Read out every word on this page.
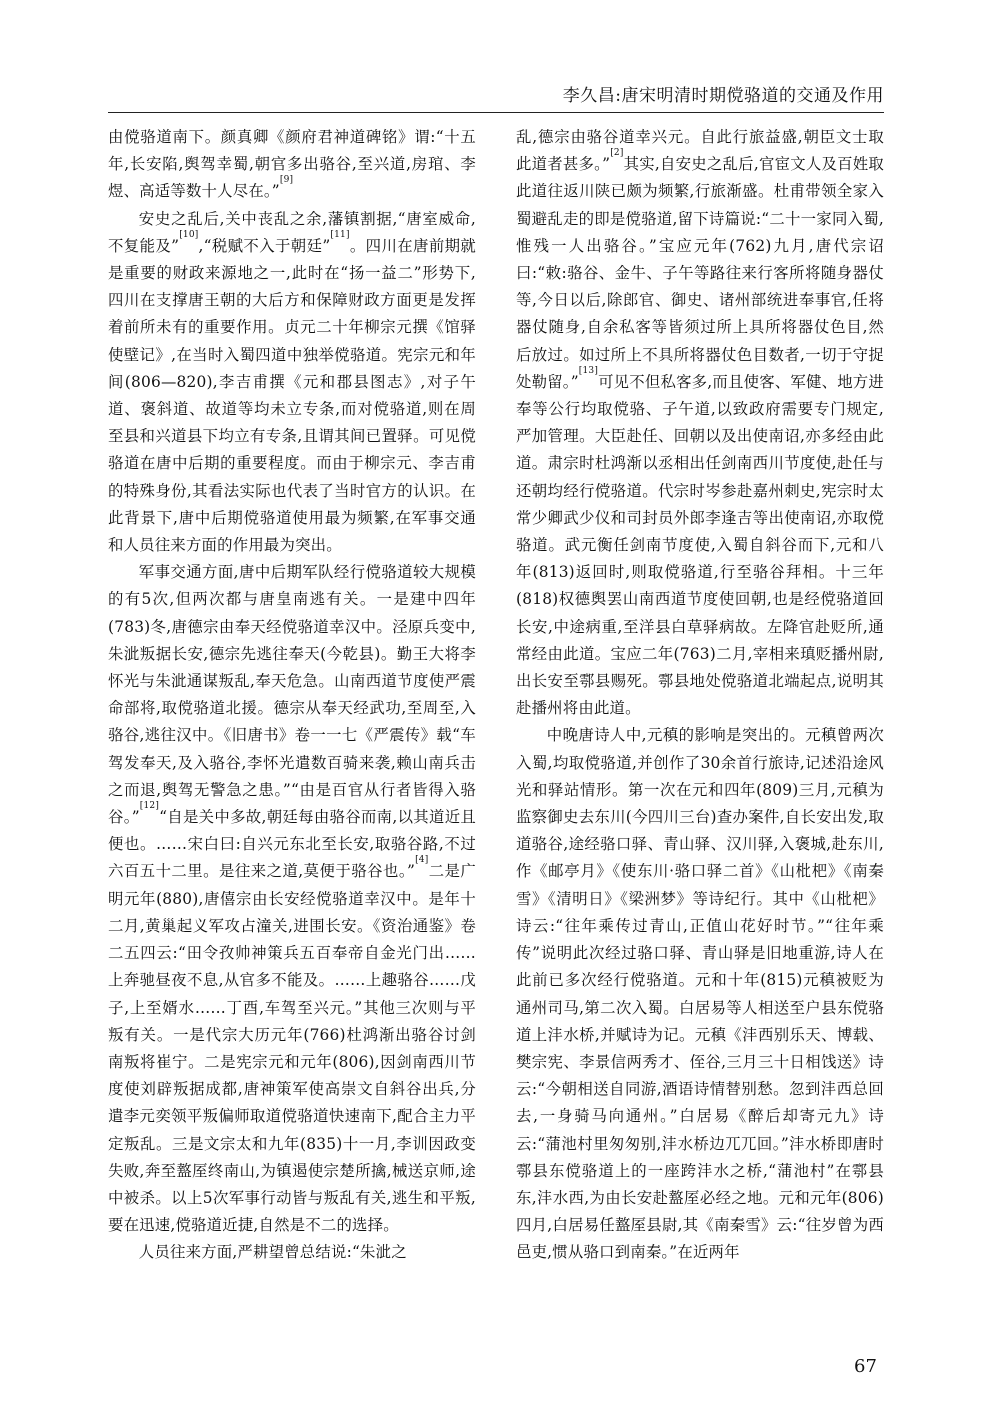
李久昌:唐宋明清时期傥骆道的交通及作用

由傥骆道南下。颜真卿《颜府君神道碑铭》谓:“十五年,长安陷,舆驾幸蜀,朝官多出骆谷,至兴道,房琯、李煜、高适等数十人尽在。”[9]

安史之乱后,关中丧乱之余,藩镇割据,“唐室威命,不复能及”[10],“税赋不入于朝廷”[11]。四川在唐前期就是重要的财政来源地之一,此时在“扬一益二”形势下,四川在支撑唐王朝的大后方和保障财政方面更是发挥着前所未有的重要作用。贞元二十年柳宗元撰《馆驿使壁记》,在当时入蜀四道中独举傥骆道。宪宗元和年间(806—820),李吉甫撰《元和郡县图志》,对子午道、褒斜道、故道等均未立专条,而对傥骆道,则在周至县和兴道县下均立有专条,且谓其间已置驿。可见傥骆道在唐中后期的重要程度。而由于柳宗元、李吉甫的特殊身份,其看法实际也代表了当时官方的认识。在此背景下,唐中后期傥骆道使用最为频繁,在军事交通和人员往来方面的作用最为突出。

军事交通方面,唐中后期军队经行傥骆道较大规模的有5次,但两次都与唐皇南逃有关。一是建中四年(783)冬,唐德宗由奉天经傥骆道幸汉中。泾原兵变中,朱泚叛据长安,德宗先逃往奉天(今乾县)。勤王大将李怀光与朱泚通谋叛乱,奉天危急。山南西道节度使严震命部将,取傥骆道北援。德宗从奉天经武功,至周至,入骆谷,逃往汉中。《旧唐书》卷一一七《严震传》载“车驾发奉天,及入骆谷,李怀光遣数百骑来袭,赖山南兵击之而退,舆驾无警急之患。”“由是百官从行者皆得入骆谷。”[12]“自是关中多故,朝廷每由骆谷而南,以其道近且便也。……宋白曰:自兴元东北至长安,取骆谷路,不过六百五十二里。是往来之道,莫便于骆谷也。”[4]二是广明元年(880),唐僖宗由长安经傥骆道幸汉中。是年十二月,黄巢起义军攻占潼关,进围长安。《资治通鉴》卷二五四云:“田令孜帅神策兵五百奉帝自金光门出……上奔驰昼夜不息,从官多不能及。……上趣骆谷……戊子,上至婿水……丁酉,车驾至兴元。”其他三次则与平叛有关。一是代宗大历元年(766)杜鸿渐出骆谷讨剑南叛将崔宁。二是宪宗元和元年(806),因剑南西川节度使刘辟叛据成都,唐神策军使高崇文自斜谷出兵,分遣李元奕领平叛偏师取道傥骆道快速南下,配合主力平定叛乱。三是文宗太和九年(835)十一月,李训因政变失败,奔至盩厔终南山,为镇遏使宗楚所擒,械送京师,途中被杀。以上5次军事行动皆与叛乱有关,逃生和平叛,要在迅速,傥骆道近捷,自然是不二的选择。

人员往来方面,严耕望曾总结说:“朱泚之

乱,德宗由骆谷道幸兴元。自此行旅益盛,朝臣文士取此道者甚多。”[2]其实,自安史之乱后,官宦文人及百姓取此道往返川陕已颇为频繁,行旅渐盛。杜甫带领全家入蜀避乱走的即是傥骆道,留下诗篇说:“二十一家同入蜀,惟残一人出骆谷。”宝应元年(762)九月,唐代宗诏曰:“敕:骆谷、金牛、子午等路往来行客所将随身器仗等,今日以后,除郎官、御史、诸州部统进奉事官,任将器仗随身,自余私客等皆须过所上具所将器仗色目,然后放过。如过所上不具所将器仗色目数者,一切于守捉处勒留。”[13]可见不但私客多,而且使客、军健、地方进奉等公行均取傥骆、子午道,以致政府需要专门规定,严加管理。大臣赴任、回朝以及出使南诏,亦多经由此道。肃宗时杜鸿渐以丞相出任剑南西川节度使,赴任与还朝均经行傥骆道。代宗时岑参赴嘉州刺史,宪宗时太常少卿武少仪和司封员外郎李逢吉等出使南诏,亦取傥骆道。武元衡任剑南节度使,入蜀自斜谷而下,元和八年(813)返回时,则取傥骆道,行至骆谷拜相。十三年(818)权德舆罢山南西道节度使回朝,也是经傥骆道回长安,中途病重,至洋县白草驿病故。左降官赴贬所,通常经由此道。宝应二年(763)二月,宰相来瑱贬播州尉,出长安至鄠县赐死。鄠县地处傥骆道北端起点,说明其赴播州将由此道。

中晚唐诗人中,元稹的影响是突出的。元稹曾两次入蜀,均取傥骆道,并创作了30余首行旅诗,记述沿途风光和驿站情形。第一次在元和四年(809)三月,元稹为监察御史去东川(今四川三台)查办案件,自长安出发,取道骆谷,途经骆口驿、青山驿、汉川驿,入褒城,赴东川,作《邮亭月》《使东川·骆口驿二首》《山枇杷》《南秦雪》《清明日》《梁洲梦》等诗纪行。其中《山枇杷》诗云:“往年乘传过青山,正值山花好时节。”“往年乘传”说明此次经过骆口驿、青山驿是旧地重游,诗人在此前已多次经行傥骆道。元和十年(815)元稹被贬为通州司马,第二次入蜀。白居易等人相送至户县东傥骆道上沣水桥,并赋诗为记。元稹《沣西别乐天、博载、樊宗宪、李景信两秀才、侄谷,三月三十日相饯送》诗云:“今朝相送自同游,酒语诗情替别愁。忽到沣西总回去,一身骑马向通州。”白居易《醉后却寄元九》诗云:“蒲池村里匆匆别,沣水桥边兀兀回。”沣水桥即唐时鄠县东傥骆道上的一座跨沣水之桥,“蒲池村”在鄠县东,沣水西,为由长安赴盩厔必经之地。元和元年(806)四月,白居易任盩厔县尉,其《南秦雪》云:“往岁曾为西邑吏,惯从骆口到南秦。”在近两年

67
